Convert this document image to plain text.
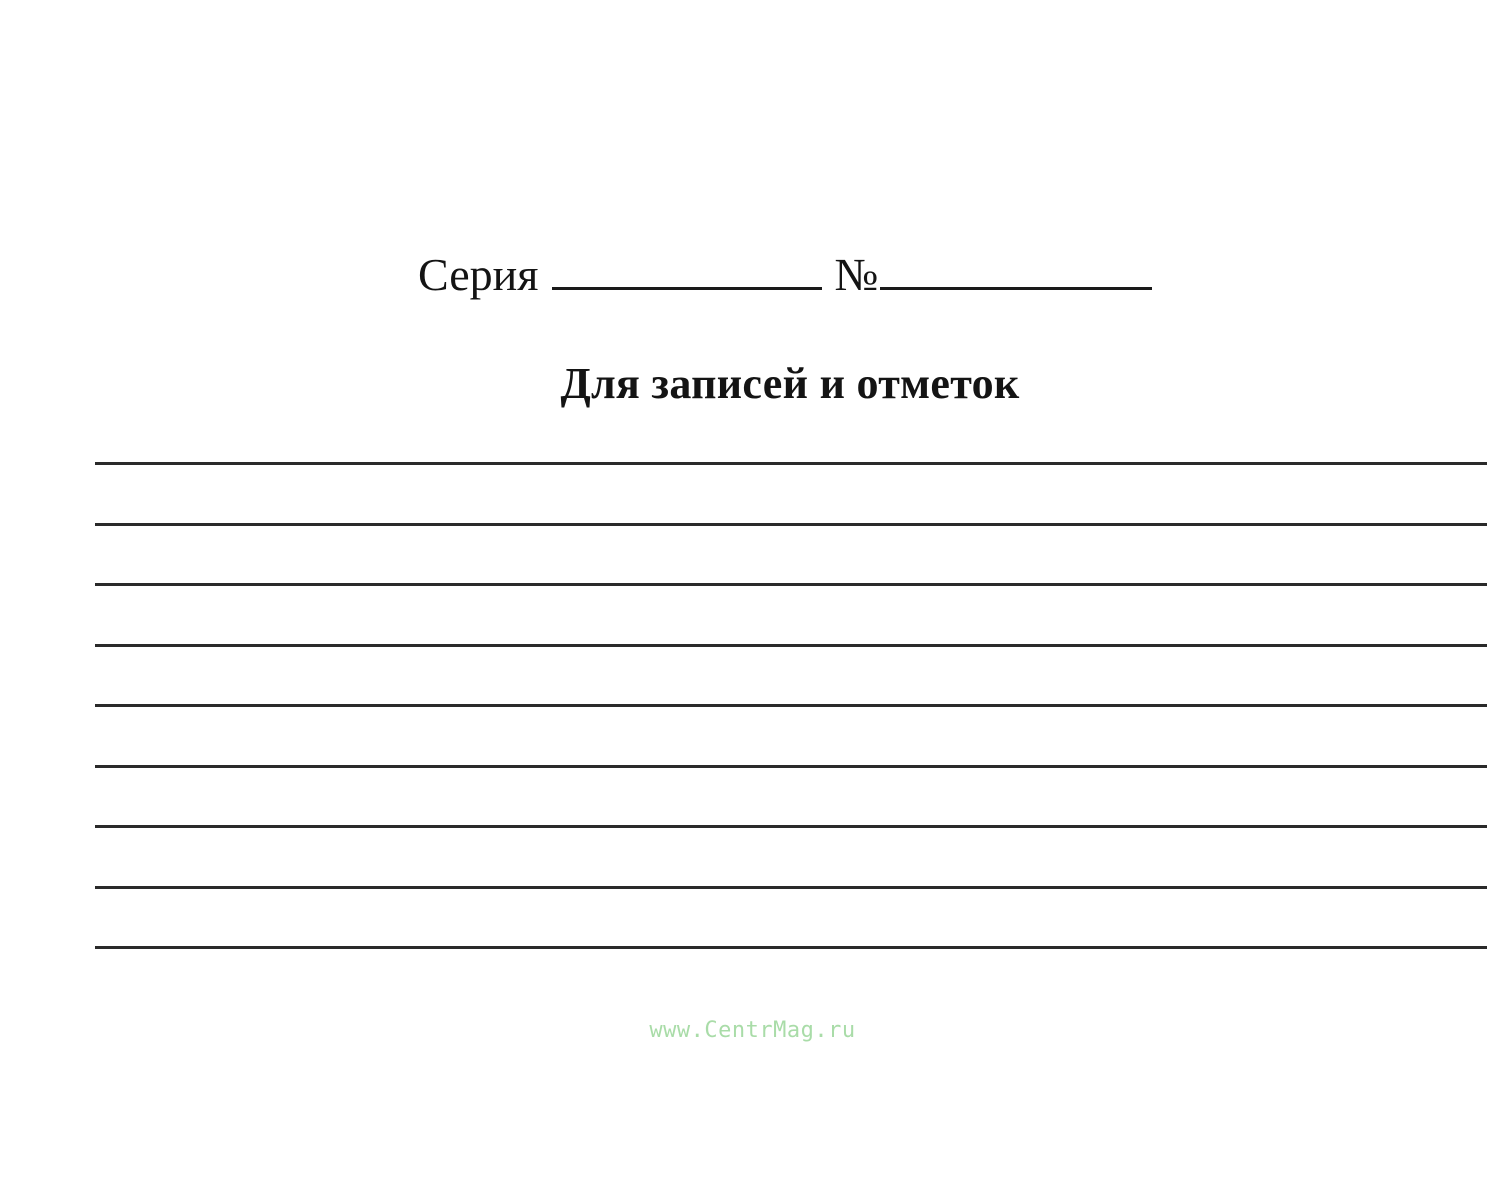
Серия	№
Для записей и отметок
www.CentrMag.ru
